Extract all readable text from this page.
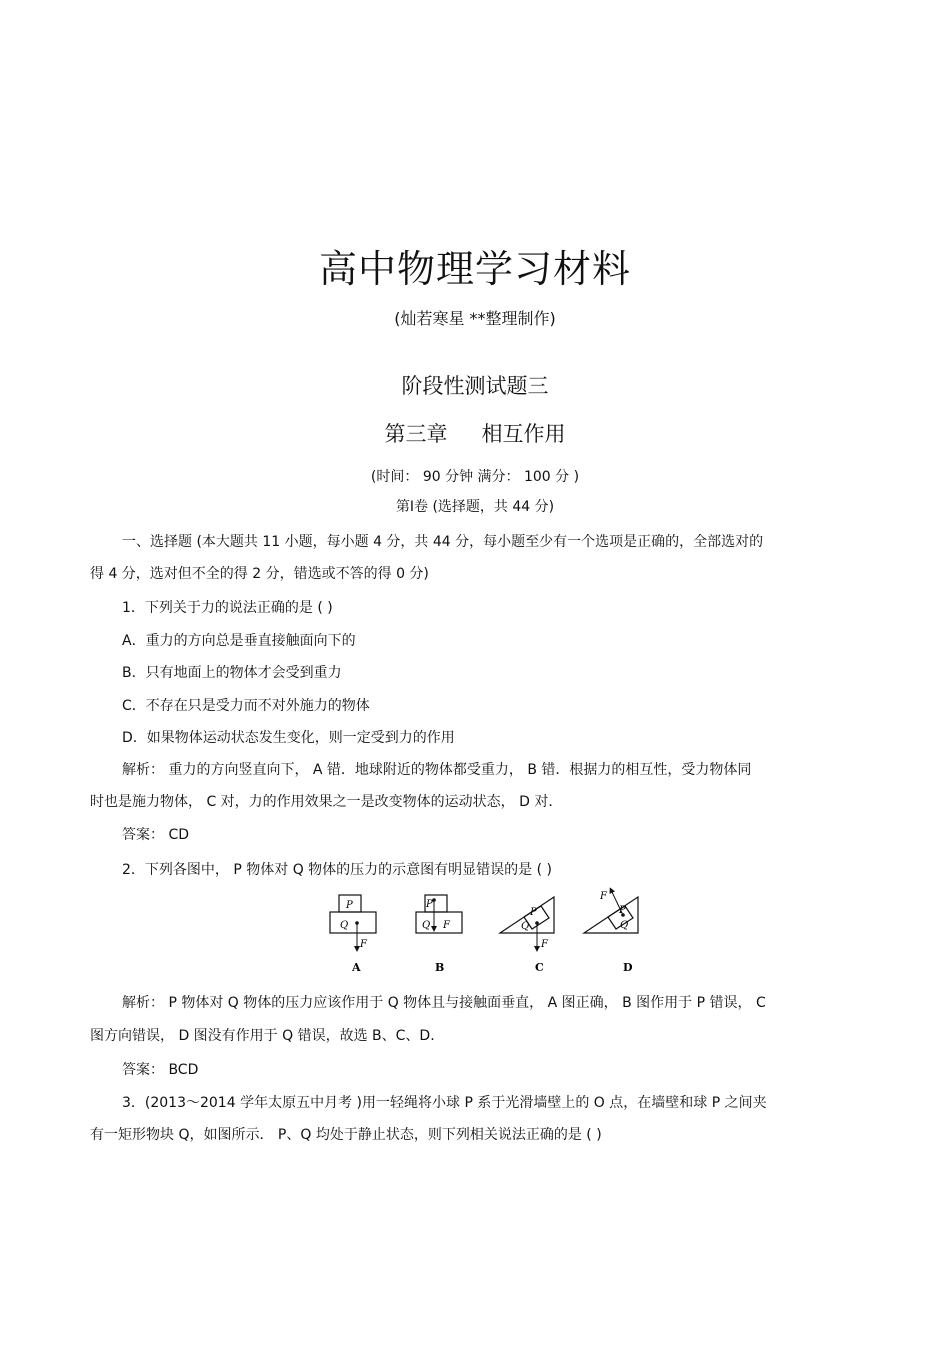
高中物理学习材料
(灿若寒星 **整理制作)
阶段性测试题三
第三章 相互作用
(时间： 90 分钟 满分： 100 分 )
第Ⅰ卷 (选择题，共 44 分)
一、选择题 (本大题共 11 小题，每小题 4 分，共 44 分，每小题至少有一个选项是正确的，全部选对的
得 4 分，选对但不全的得 2 分，错选或不答的得 0 分)
1．下列关于力的说法正确的是 ( )
A．重力的方向总是垂直接触面向下的
B．只有地面上的物体才会受到重力
C．不存在只是受力而不对外施力的物体
D．如果物体运动状态发生变化，则一定受到力的作用
解析： 重力的方向竖直向下， A 错．地球附近的物体都受重力， B 错．根据力的相互性，受力物体同
时也是施力物体， C 对，力的作用效果之一是改变物体的运动状态， D 对．
答案： CD
2．下列各图中， P 物体对 Q 物体的压力的示意图有明显错误的是 ( )
P
Q
F
A
P
Q F
B
P
Q
F
C
P
Q
F
D
解析： P 物体对 Q 物体的压力应该作用于 Q 物体且与接触面垂直， A 图正确， B 图作用于 P 错误， C
图方向错误， D 图没有作用于 Q 错误，故选 B、C、D.
答案： BCD
3．(2013～2014 学年太原五中月考 )用一轻绳将小球 P 系于光滑墙壁上的 O 点，在墙壁和球 P 之间夹
有一矩形物块 Q，如图所示． P、Q 均处于静止状态，则下列相关说法正确的是 ( )
